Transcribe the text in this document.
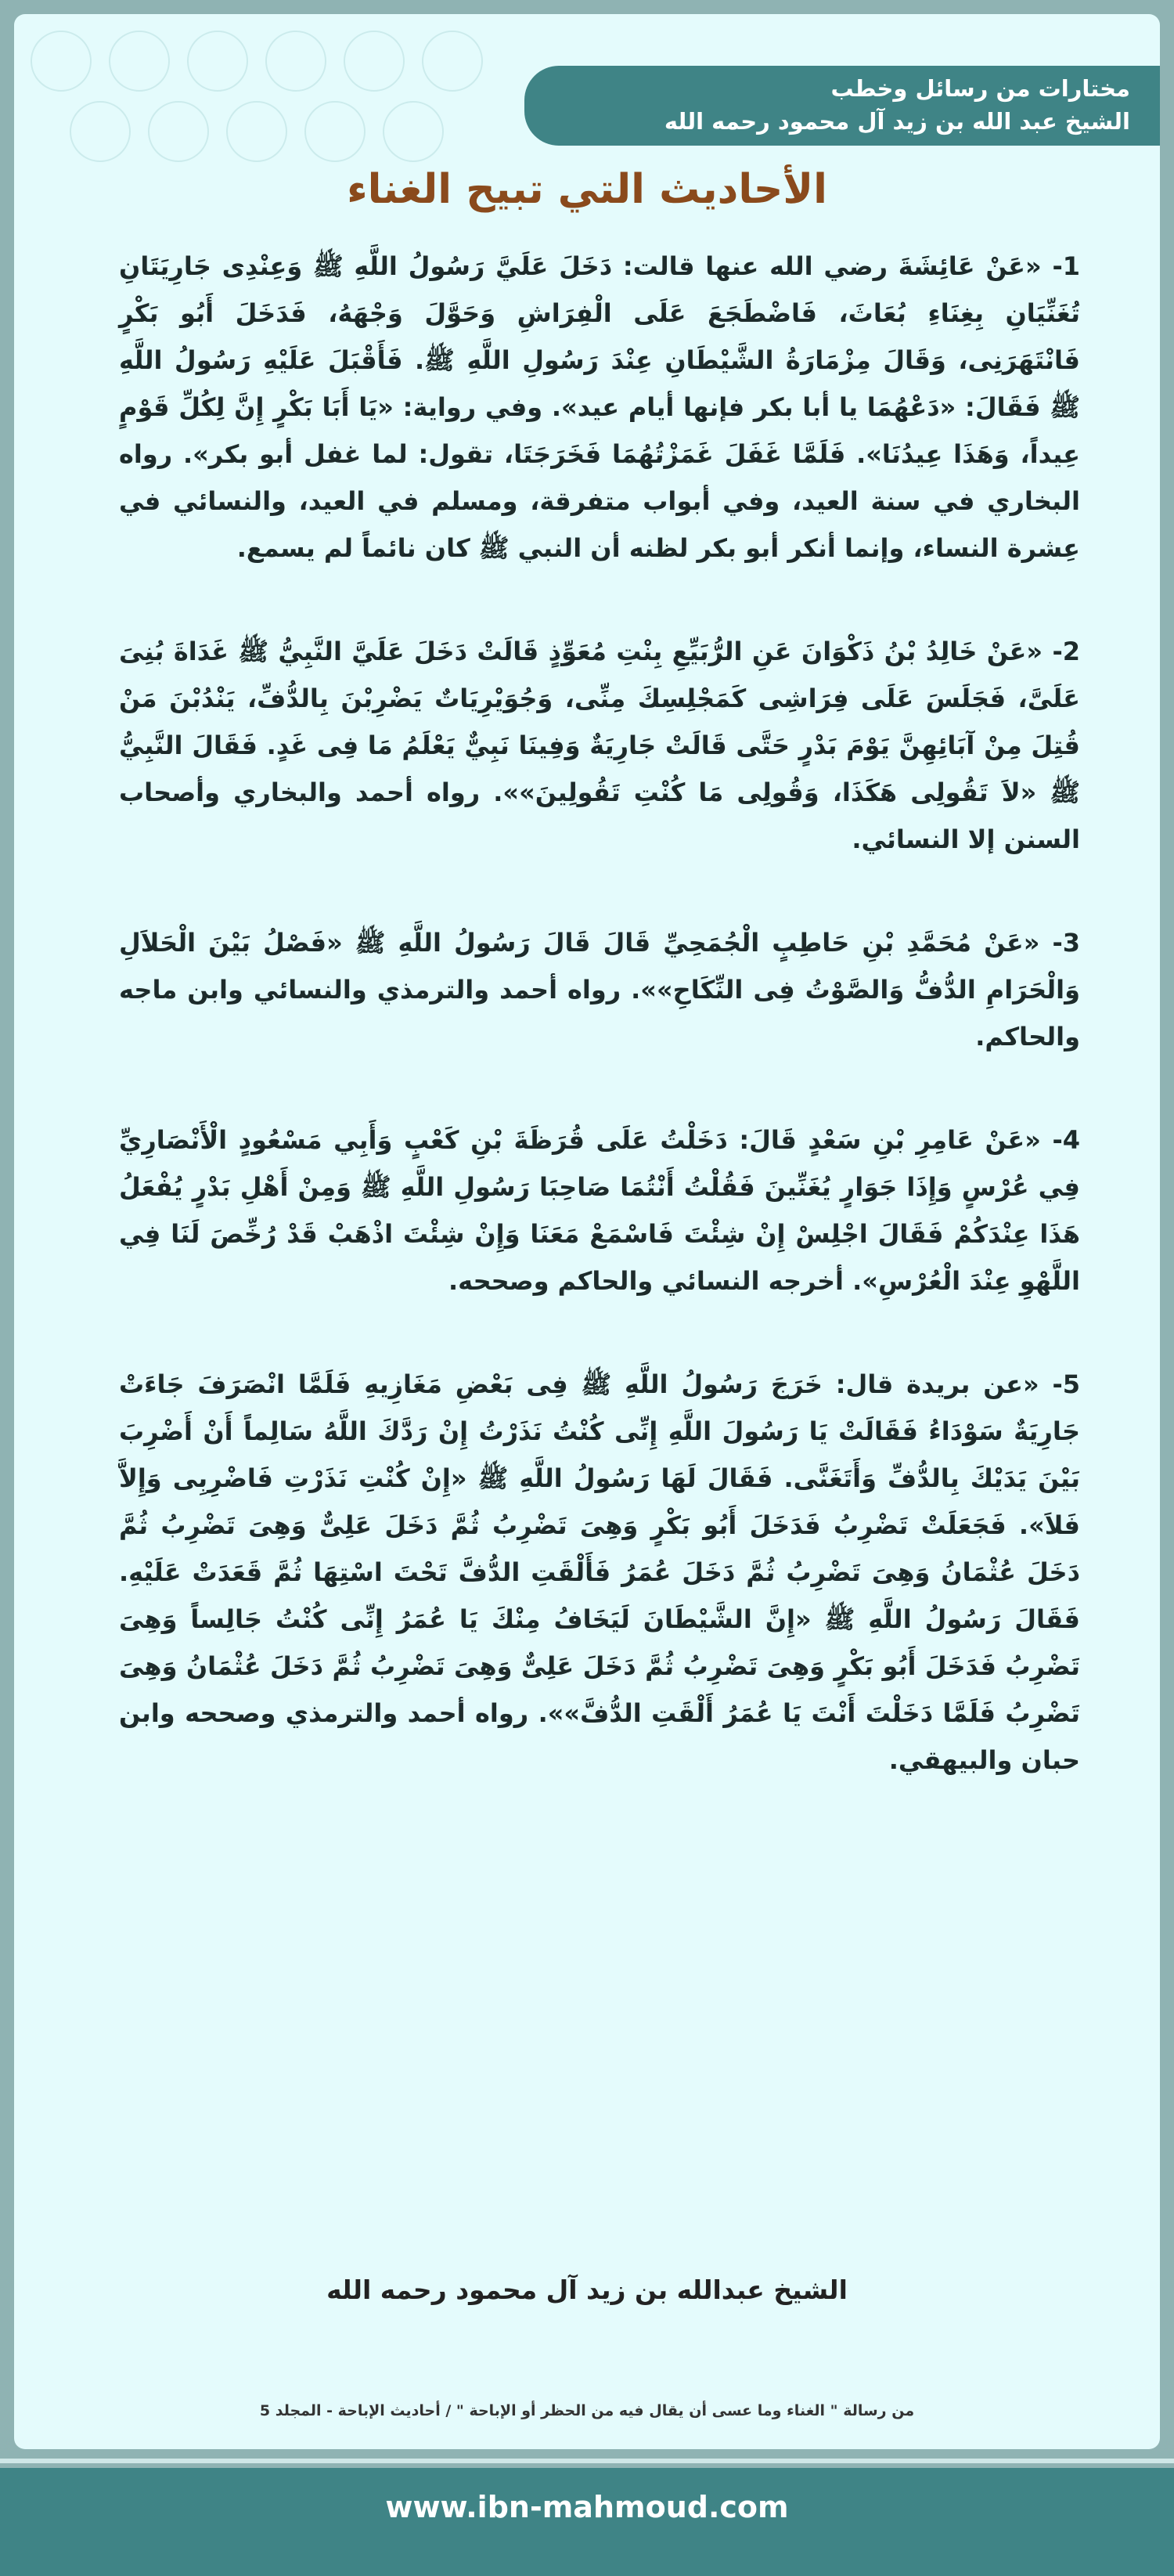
مختارات من رسائل وخطب
الشيخ عبد الله بن زيد آل محمود رحمه الله
الأحاديث التي تبيح الغناء

1- «عَنْ عَائِشَةَ رضي الله عنها قالت: دَخَلَ عَلَيَّ رَسُولُ اللَّهِ ﷺ وَعِنْدِى جَارِيَتَانِ تُغَنِّيَانِ بِغِنَاءِ بُعَاثَ، فَاضْطَجَعَ عَلَى الْفِرَاشِ وَحَوَّلَ وَجْهَهُ، فَدَخَلَ أَبُو بَكْرٍ فَانْتَهَرَنِى، وَقَالَ مِزْمَارَةُ الشَّيْطَانِ عِنْدَ رَسُولِ اللَّهِ ﷺ. فَأَقْبَلَ عَلَيْهِ رَسُولُ اللَّهِ ﷺ فَقَالَ: «دَعْهُمَا يا أبا بكر فإنها أيام عيد». وفي رواية: «يَا أَبَا بَكْرٍ إِنَّ لِكُلِّ قَوْمٍ عِيداً، وَهَذَا عِيدُنَا». فَلَمَّا غَفَلَ غَمَزْتُهُمَا فَخَرَجَتَا، تقول: لما غفل أبو بكر». رواه البخاري في سنة العيد، وفي أبواب متفرقة، ومسلم في العيد، والنسائي في عِشرة النساء، وإنما أنكر أبو بكر لظنه أن النبي ﷺ كان نائماً لم يسمع.

2- «عَنْ خَالِدُ بْنُ ذَكْوَانَ عَنِ الرُّبَيِّعِ بِنْتِ مُعَوِّذٍ قَالَتْ دَخَلَ عَلَيَّ النَّبِيُّ ﷺ غَدَاةَ بُنِىَ عَلَىَّ، فَجَلَسَ عَلَى فِرَاشِى كَمَجْلِسِكَ مِنِّى، وَجُوَيْرِيَاتٌ يَضْرِبْنَ بِالدُّفِّ، يَنْدُبْنَ مَنْ قُتِلَ مِنْ آبَائِهِنَّ يَوْمَ بَدْرٍ حَتَّى قَالَتْ جَارِيَةٌ وَفِينَا نَبِيٌّ يَعْلَمُ مَا فِى غَدٍ. فَقَالَ النَّبِيُّ ﷺ «لاَ تَقُولِى هَكَذَا، وَقُولِى مَا كُنْتِ تَقُولِينَ»». رواه أحمد والبخاري وأصحاب السنن إلا النسائي.

3- «عَنْ مُحَمَّدِ بْنِ حَاطِبٍ الْجُمَحِيِّ قَالَ قَالَ رَسُولُ اللَّهِ ﷺ «فَصْلُ بَيْنَ الْحَلاَلِ وَالْحَرَامِ الدُّفُّ وَالصَّوْتُ فِى النِّكَاحِ»». رواه أحمد والترمذي والنسائي وابن ماجه والحاكم.

4- «عَنْ عَامِرِ بْنِ سَعْدٍ قَالَ: دَخَلْتُ عَلَى قُرَظَةَ بْنِ كَعْبٍ وَأَبِي مَسْعُودٍ الْأَنْصَارِيِّ فِي عُرْسٍ وَإِذَا جَوَارٍ يُغَنِّينَ فَقُلْتُ أَنْتُمَا صَاحِبَا رَسُولِ اللَّهِ ﷺ وَمِنْ أَهْلِ بَدْرٍ يُفْعَلُ هَذَا عِنْدَكُمْ فَقَالَ اجْلِسْ إِنْ شِئْتَ فَاسْمَعْ مَعَنَا وَإِنْ شِئْتَ اذْهَبْ قَدْ رُخِّصَ لَنَا فِي اللَّهْوِ عِنْدَ الْعُرْسِ». أخرجه النسائي والحاكم وصححه.

5- «عن بريدة قال: خَرَجَ رَسُولُ اللَّهِ ﷺ فِى بَعْضِ مَغَازِيهِ فَلَمَّا انْصَرَفَ جَاءَتْ جَارِيَةٌ سَوْدَاءُ فَقَالَتْ يَا رَسُولَ اللَّهِ إِنِّى كُنْتُ نَذَرْتُ إِنْ رَدَّكَ اللَّهُ سَالِماً أَنْ أَضْرِبَ بَيْنَ يَدَيْكَ بِالدُّفِّ وَأَتَغَنَّى. فَقَالَ لَهَا رَسُولُ اللَّهِ ﷺ «إِنْ كُنْتِ نَذَرْتِ فَاضْرِبِى وَإِلاَّ فَلاَ». فَجَعَلَتْ تَضْرِبُ فَدَخَلَ أَبُو بَكْرٍ وَهِىَ تَضْرِبُ ثُمَّ دَخَلَ عَلِىٌّ وَهِىَ تَضْرِبُ ثُمَّ دَخَلَ عُثْمَانُ وَهِىَ تَضْرِبُ ثُمَّ دَخَلَ عُمَرُ فَأَلْقَتِ الدُّفَّ تَحْتَ اسْتِهَا ثُمَّ قَعَدَتْ عَلَيْهِ. فَقَالَ رَسُولُ اللَّهِ ﷺ «إِنَّ الشَّيْطَانَ لَيَخَافُ مِنْكَ يَا عُمَرُ إِنِّى كُنْتُ جَالِساً وَهِىَ تَضْرِبُ فَدَخَلَ أَبُو بَكْرٍ وَهِىَ تَضْرِبُ ثُمَّ دَخَلَ عَلِىٌّ وَهِىَ تَضْرِبُ ثُمَّ دَخَلَ عُثْمَانُ وَهِىَ تَضْرِبُ فَلَمَّا دَخَلْتَ أَنْتَ يَا عُمَرُ أَلْقَتِ الدُّفَّ»». رواه أحمد والترمذي وصححه وابن حبان والبيهقي.

الشيخ عبدالله بن زيد آل محمود رحمه الله
من رسالة " الغناء وما عسى أن يقال فيه من الحظر أو الإباحة " / أحاديث الإباحة - المجلد 5
www.ibn-mahmoud.com
